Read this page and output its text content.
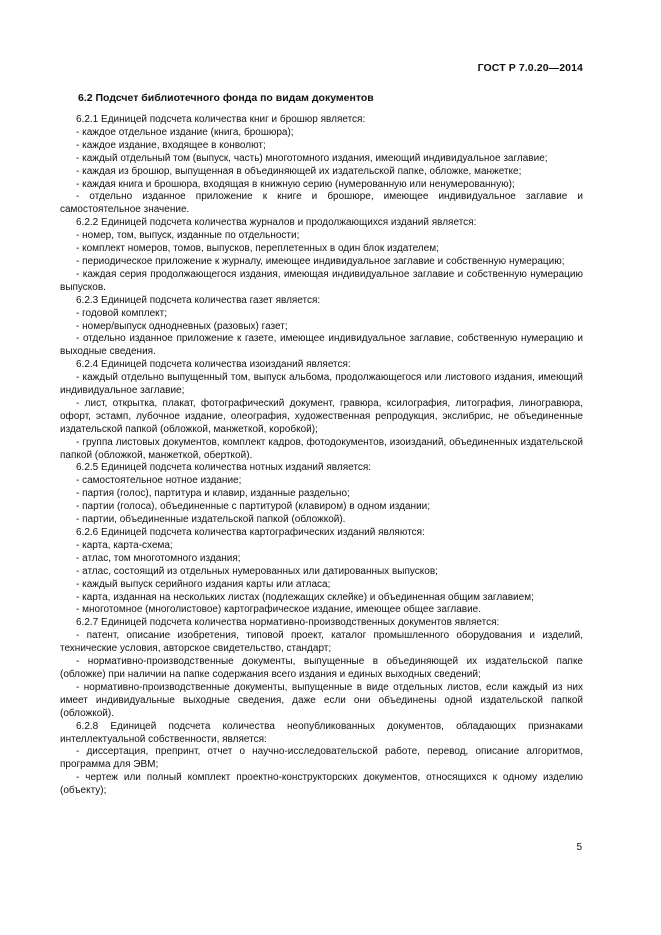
ГОСТ Р 7.0.20—2014
6.2 Подсчет библиотечного фонда по видам документов

6.2.1 Единицей подсчета количества книг и брошюр является:

- каждое отдельное издание (книга, брошюра);

- каждое издание, входящее в конволют;

- каждый отдельный том (выпуск, часть) многотомного издания, имеющий индивидуальное заглавие;

- каждая из брошюр, выпущенная в объединяющей их издательской папке, обложке, манжетке;

- каждая книга и брошюра, входящая в книжную серию (нумерованную или ненумерованную);

- отдельно изданное приложение к книге и брошюре, имеющее индивидуальное заглавие и самостоятельное значение.

6.2.2 Единицей подсчета количества журналов и продолжающихся изданий является:

- номер, том, выпуск, изданные по отдельности;

- комплект номеров, томов, выпусков, переплетенных в один блок издателем;

- периодическое приложение к журналу, имеющее индивидуальное заглавие и собственную нумерацию;

- каждая серия продолжающегося издания, имеющая индивидуальное заглавие и собственную нумерацию выпусков.

6.2.3 Единицей подсчета количества газет является:

- годовой комплект;

- номер/выпуск однодневных (разовых) газет;

- отдельно изданное приложение к газете, имеющее индивидуальное заглавие, собственную нумерацию и выходные сведения.

6.2.4 Единицей подсчета количества изоизданий является:

- каждый отдельно выпущенный том, выпуск альбома, продолжающегося или листового издания, имеющий индивидуальное заглавие;

- лист, открытка, плакат, фотографический документ, гравюра, ксилография, литография, линогравюра, офорт, эстамп, лубочное издание, олеография, художественная репродукция, экслибрис, не объединенные издательской папкой (обложкой, манжеткой, коробкой);

- группа листовых документов, комплект кадров, фотодокументов, изоизданий, объединенных издательской папкой (обложкой, манжеткой, оберткой).

6.2.5 Единицей подсчета количества нотных изданий является:

- самостоятельное нотное издание;

- партия (голос), партитура и клавир, изданные раздельно;

- партии (голоса), объединенные с партитурой (клавиром) в одном издании;

- партии, объединенные издательской папкой (обложкой).

6.2.6 Единицей подсчета количества картографических изданий являются:

- карта, карта-схема;

- атлас, том многотомного издания;

- атлас, состоящий из отдельных нумерованных или датированных выпусков;

- каждый выпуск серийного издания карты или атласа;

- карта, изданная на нескольких листах (подлежащих склейке) и объединенная общим заглавием;

- многотомное (многолистовое) картографическое издание, имеющее общее заглавие.

6.2.7 Единицей подсчета количества нормативно-производственных документов является:

- патент, описание изобретения, типовой проект, каталог промышленного оборудования и изделий, технические условия, авторское свидетельство, стандарт;

- нормативно-производственные документы, выпущенные в объединяющей их издательской папке (обложке) при наличии на папке содержания всего издания и единых выходных сведений;

- нормативно-производственные документы, выпущенные в виде отдельных листов, если каждый из них имеет индивидуальные выходные сведения, даже если они объединены одной издательской папкой (обложкой).

6.2.8 Единицей подсчета количества неопубликованных документов, обладающих признаками интеллектуальной собственности, является:

- диссертация, препринт, отчет о научно-исследовательской работе, перевод, описание алгоритмов, программа для ЭВМ;

- чертеж или полный комплект проектно-конструкторских документов, относящихся к одному изделию (объекту);

5
